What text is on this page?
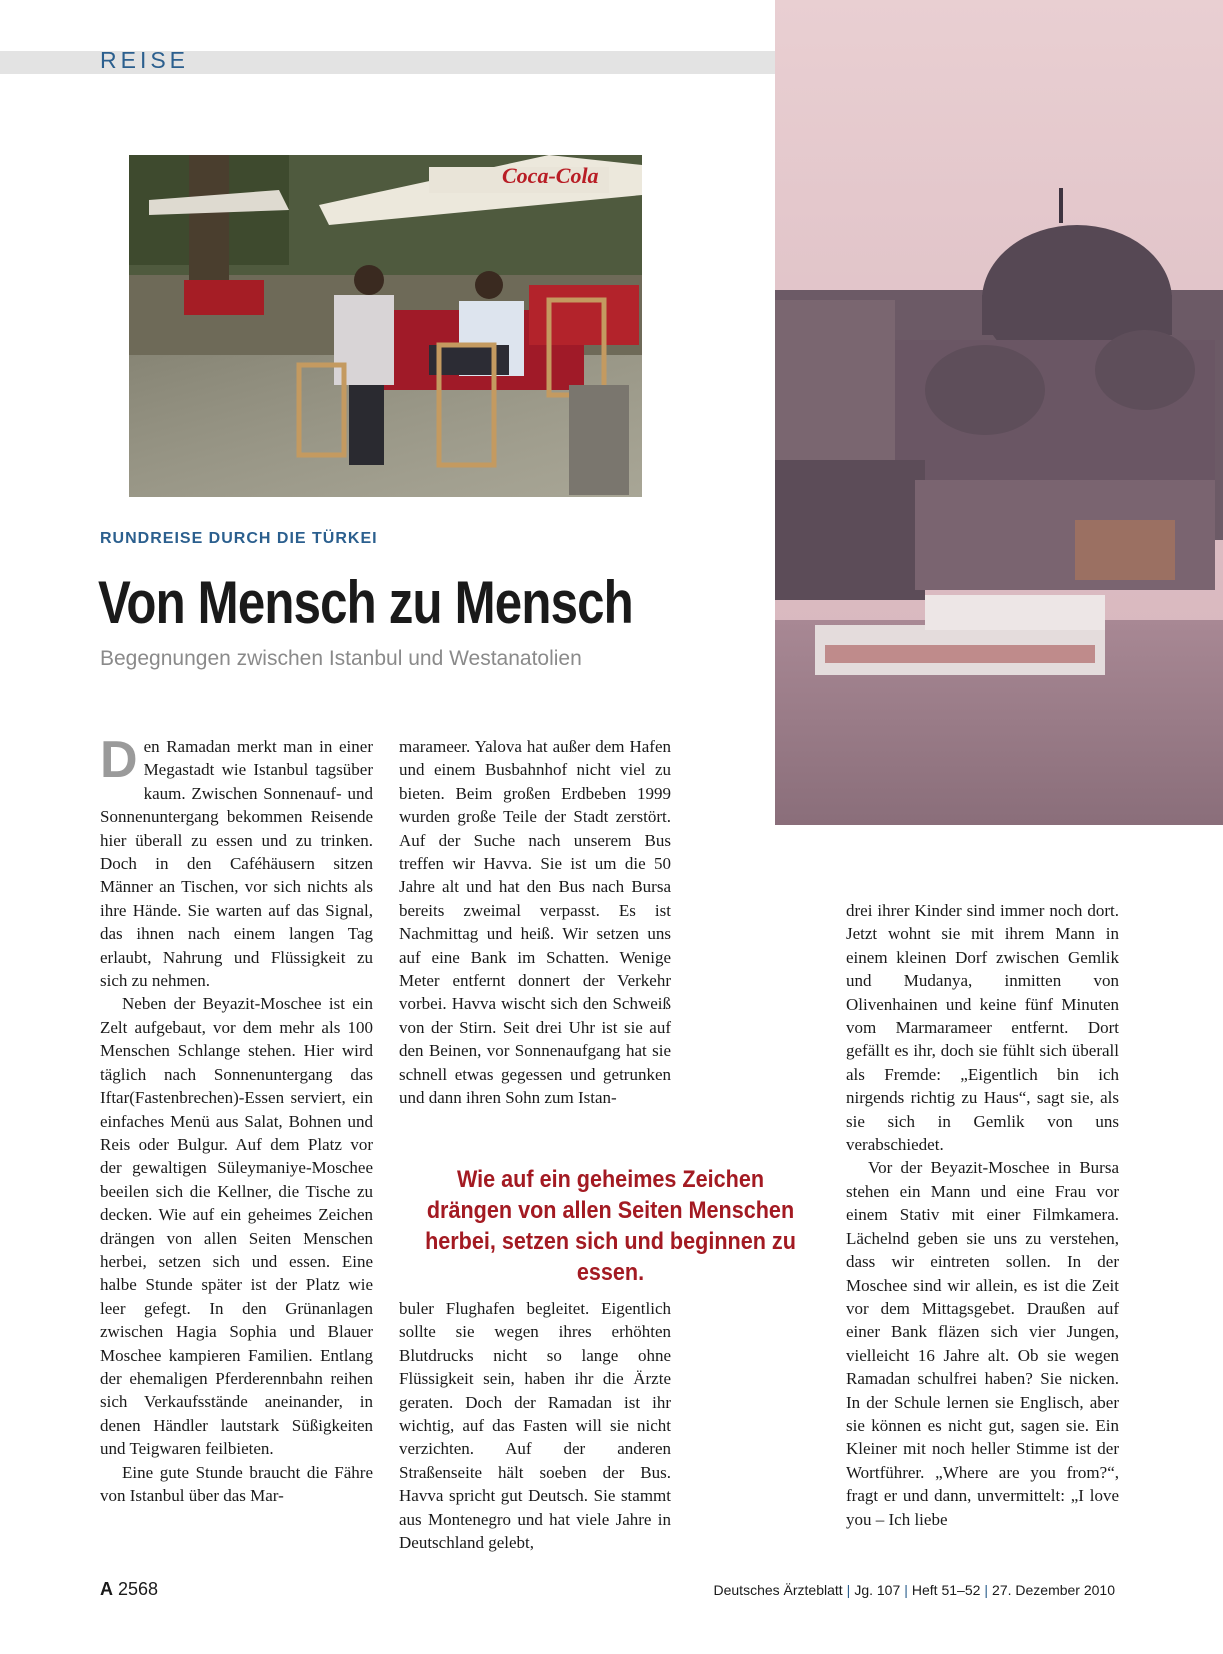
REISE
Coca-Cola
RUNDREISE DURCH DIE TÜRKEI
Von Mensch zu Mensch
Begegnungen zwischen Istanbul und Westanatolien

Den Ramadan merkt man in einer Megastadt wie Istanbul tagsüber kaum. Zwischen Sonnenauf- und Sonnenuntergang bekommen Reisende hier überall zu essen und zu trinken. Doch in den Caféhäusern sitzen Männer an Tischen, vor sich nichts als ihre Hände. Sie warten auf das Signal, das ihnen nach einem langen Tag erlaubt, Nahrung und Flüssigkeit zu sich zu nehmen.

Neben der Beyazit-Moschee ist ein Zelt aufgebaut, vor dem mehr als 100 Menschen Schlange stehen. Hier wird täglich nach Sonnenuntergang das Iftar(Fastenbrechen)-Essen serviert, ein einfaches Menü aus Salat, Bohnen und Reis oder Bulgur. Auf dem Platz vor der gewaltigen Süleymaniye-Moschee beeilen sich die Kellner, die Tische zu decken. Wie auf ein geheimes Zeichen drängen von allen Seiten Menschen herbei, setzen sich und essen. Eine halbe Stunde später ist der Platz wie leer gefegt. In den Grünanlagen zwischen Hagia Sophia und Blauer Moschee kampieren Familien. Entlang der ehemaligen Pferderennbahn reihen sich Verkaufsstände aneinander, in denen Händler lautstark Süßigkeiten und Teigwaren feilbieten.

Eine gute Stunde braucht die Fähre von Istanbul über das Mar-

marameer. Yalova hat außer dem Hafen und einem Busbahnhof nicht viel zu bieten. Beim großen Erdbeben 1999 wurden große Teile der Stadt zerstört. Auf der Suche nach unserem Bus treffen wir Havva. Sie ist um die 50 Jahre alt und hat den Bus nach Bursa bereits zweimal verpasst. Es ist Nachmittag und heiß. Wir setzen uns auf eine Bank im Schatten. Wenige Meter entfernt donnert der Verkehr vorbei. Havva wischt sich den Schweiß von der Stirn. Seit drei Uhr ist sie auf den Beinen, vor Sonnenaufgang hat sie schnell etwas gegessen und getrunken und dann ihren Sohn zum Istan-

Wie auf ein geheimes Zeichen drängen von allen Seiten Menschen herbei, setzen sich und beginnen zu essen.

buler Flughafen begleitet. Eigentlich sollte sie wegen ihres erhöhten Blutdrucks nicht so lange ohne Flüssigkeit sein, haben ihr die Ärzte geraten. Doch der Ramadan ist ihr wichtig, auf das Fasten will sie nicht verzichten. Auf der anderen Straßenseite hält soeben der Bus. Havva spricht gut Deutsch. Sie stammt aus Montenegro und hat viele Jahre in Deutschland gelebt,

drei ihrer Kinder sind immer noch dort. Jetzt wohnt sie mit ihrem Mann in einem kleinen Dorf zwischen Gemlik und Mudanya, inmitten von Olivenhainen und keine fünf Minuten vom Marmarameer entfernt. Dort gefällt es ihr, doch sie fühlt sich überall als Fremde: „Eigentlich bin ich nirgends richtig zu Haus“, sagt sie, als sie sich in Gemlik von uns verabschiedet.

Vor der Beyazit-Moschee in Bursa stehen ein Mann und eine Frau vor einem Stativ mit einer Filmkamera. Lächelnd geben sie uns zu verstehen, dass wir eintreten sollen. In der Moschee sind wir allein, es ist die Zeit vor dem Mittagsgebet. Draußen auf einer Bank fläzen sich vier Jungen, vielleicht 16 Jahre alt. Ob sie wegen Ramadan schulfrei haben? Sie nicken. In der Schule lernen sie Englisch, aber sie können es nicht gut, sagen sie. Ein Kleiner mit noch heller Stimme ist der Wortführer. „Where are you from?“, fragt er und dann, unvermittelt: „I love you – Ich liebe

A 2568	Deutsches Ärzteblatt | Jg. 107 | Heft 51–52 | 27. Dezember 2010
